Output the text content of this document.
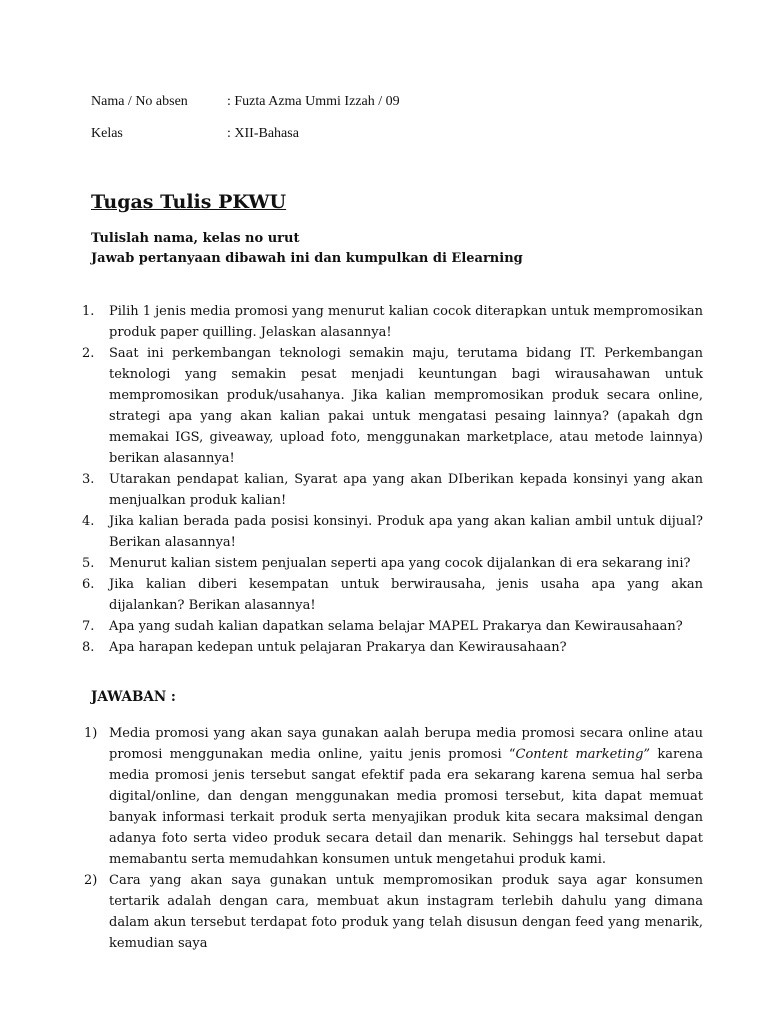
Nama / No absen	: Fuzta Azma Ummi Izzah / 09
Kelas	: XII-Bahasa
Tugas Tulis PKWU
Tulislah nama, kelas no urut
Jawab pertanyaan dibawah ini dan kumpulkan di Elearning
1. Pilih 1 jenis media promosi yang menurut kalian cocok diterapkan untuk mempromosikan produk paper quilling. Jelaskan alasannya!
2. Saat ini perkembangan teknologi semakin maju, terutama bidang IT. Perkembangan teknologi yang semakin pesat menjadi keuntungan bagi wirausahawan untuk mempromosikan produk/usahanya. Jika kalian mempromosikan produk secara online, strategi apa yang akan kalian pakai untuk mengatasi pesaing lainnya? (apakah dgn memakai IGS, giveaway, upload foto, menggunakan marketplace, atau metode lainnya) berikan alasannya!
3. Utarakan pendapat kalian, Syarat apa yang akan DIberikan kepada konsinyi yang akan menjualkan produk kalian!
4. Jika kalian berada pada posisi konsinyi. Produk apa yang akan kalian ambil untuk dijual? Berikan alasannya!
5. Menurut kalian sistem penjualan seperti apa yang cocok dijalankan di era sekarang ini?
6. Jika kalian diberi kesempatan untuk berwirausaha, jenis usaha apa yang akan dijalankan? Berikan alasannya!
7. Apa yang sudah kalian dapatkan selama belajar MAPEL Prakarya dan Kewirausahaan?
8. Apa harapan kedepan untuk pelajaran Prakarya dan Kewirausahaan?
JAWABAN :
1) Media promosi yang akan saya gunakan aalah berupa media promosi secara online atau promosi menggunakan media online, yaitu jenis promosi “Content marketing” karena media promosi jenis tersebut sangat efektif pada era sekarang karena semua hal serba digital/online, dan dengan menggunakan media promosi tersebut, kita dapat memuat banyak informasi terkait produk serta menyajikan produk kita secara maksimal dengan adanya foto serta video produk secara detail dan menarik. Sehinggs hal tersebut dapat memabantu serta memudahkan konsumen untuk mengetahui produk kami.
2) Cara yang akan saya gunakan untuk mempromosikan produk saya agar konsumen tertarik adalah dengan cara, membuat akun instagram terlebih dahulu yang dimana dalam akun tersebut terdapat foto produk yang telah disusun dengan feed yang menarik, kemudian saya
